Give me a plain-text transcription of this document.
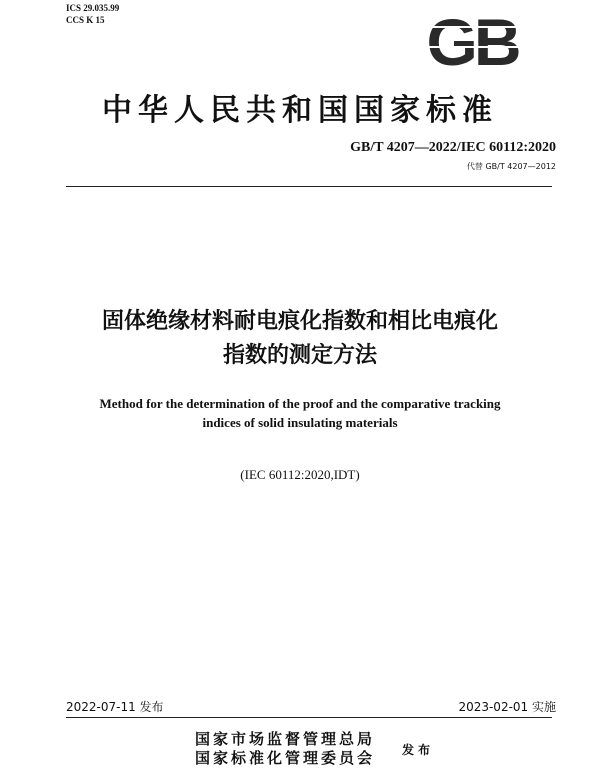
ICS 29.035.99
CCS K 15	GB
中华人民共和国国家标准
GB/T 4207—2022/IEC 60112:2020
代替 GB/T 4207—2012
固体绝缘材料耐电痕化指数和相比电痕化
指数的测定方法
Method for the determination of the proof and the comparative tracking
indices of solid insulating materials
(IEC 60112:2020,IDT)
2022-07-11 发布	2023-02-01 实施
国家市场监督管理总局
国家标准化管理委员会 发布
